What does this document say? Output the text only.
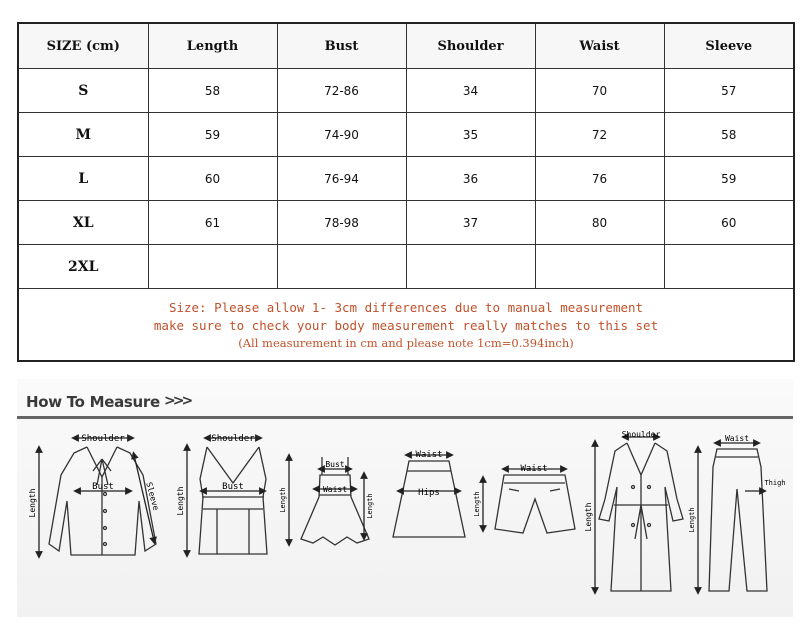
SIZE (cm)	Length	Bust	Shoulder	Waist	Sleeve
S	58	72-86	34	70	57
M	59	74-90	35	72	58
L	60	76-94	36	76	59
XL	61	78-98	37	80	60
2XL					

Size: Please allow 1- 3cm differences due to manual measurement
make sure to check your body measurement really matches to this set
(All measurement in cm and please note 1cm=0.394inch)					
How To Measure >>>
Shoulder
Bust
Length	Sleeve
Shoulder
Bust
Length
Bust
Waist
Length	Length
Waist
Hips
Waist
Length
Shoulder
Length
Waist
Thigh
Length
